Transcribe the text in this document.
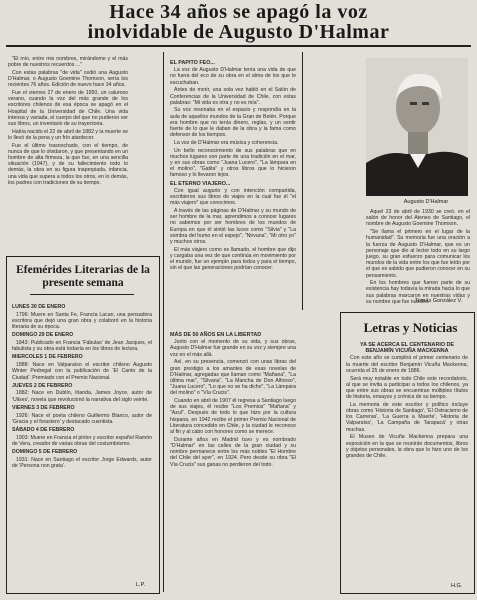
Hace 34 años se apagó la voz
inolvidable de Augusto D'Halmar

"El mío, entre mis nombres, mirándome y el más pobre de nuestros recuerdos ..."

Con estas palabras "de vida" cedió una Augusto D'Halmar, o Augusto Goemine Thomson, sería los recientes 76 años. Edición de nuevo hace 34 años.

Fue el viernes 27 de enero de 1950, un caluroso verano, cuando la voz del más grande de los escritores chilenos de esa época se apagó en el Hospital de la Universidad de Chile. Una vida intensa y variada, el cuerpo del que no pudieron ver sus libros, un inventario de su trayectoria.

Había nacido el 22 de abril de 1882 y la muerte se lo llevó de la pena y un frío atardecer.

Fue el último trasnochado, con el tiempo, de nunca de que lo olvidaron, y que presentando en un hombre de alta firmeza, la que fue, en una sencilla situación (1947), y de su fallecimiento todo lo demás, la obra en su figura inapropiada, infancia, una vida que supera a todos los otros, en lo demás, los padres con tradiciones de su tiempo.

EL PAPITO FEO...

La voz de Augusto D'Halmar tenía una vida de que no fuera del eco de su obra en el alma de los que le escuchaban.

Antes de morir, una sola vez habló en el Salón de Conferencias de la Universidad de Chile, con estas palabras: "Mi vida es otra y no es mía".

Su voz resonaba en el espacio y respondía en la aula de aquellos mundos de la Gran de Belén. Porque era hombre que no tenía dinero, reglas, y un sentir fuerte de lo que le daban de la obra y la fama como defensor de los tiempos.

La voz de D'Halmar era música y coherencia.

Un bello reconocimiento de sus palabras que en muchos lugares son parte de una tradición en el mar, y en sus obras como "Juana Lucero", "La lámpara en el molino", "Gatita" y otros libros que lo hicieron famoso y lo llevaron lejos.

EL ETERNO VIAJERO...

Con igual augurio y con intención compartida, escribieron sus libros de viajes en la cual fue él "el más viajero" que conocimos.

A través de las páginas de D'Halmar y su mundo de ser hombre de la mar, aprendimos a conocer lugares no sabemos por ser hombres de los mundos de Europa en que él sintió las luces como "Silvia" y "La sombra del humo en el espejo", "Nirvana", "Mi otro yo" y muchos otros.

El más viajero como es llamado, el hombre que dijo y cargaba una vez de que continúa en movimiento por el mundo, fue un ejemplo para todos y para el tiempo, sin el que las generaciones podrían conocer.

MÁS DE 50 AÑOS EN LA LIBERTAD

Junto con el momento de su vida, y sus obras, Augusto D'Halmar fue grande en su voz y siempre una voz en el más allá.

Así, en su presencia, comenzó con unas libras del gran prestigio a los amantes de esas novelas de D'Halmar, agregadas que llaman como "Mañana", "La última mar", "Silvana", "La Mancha de Don Alfonso", "Juana Lucero", "Lo que no se ha dicho", "La Lámpara del molino" o "Vía Crucis".

Cuando en abril de 1907 él regresa a Santiago luego de sus viajes, él recibe "Los Premios" "Mañana" y "Azul". Después de todo lo que hizo por la cultura hispana, en 1942 recibe el primer Premio Nacional de Literatura concedido en Chile, y la ciudad le reconoce al fin y al cabo con honores como se merece.

Durante años en Madrid tuvo y es nombrado "D'Halmar" en las calles de la gran ciudad y su nombre permanece entre los más nobles "El Hombre del Chile del ayer", en 1924. Pero desde su obra "El Vía Crucis" sus ganas no perdieron del todo.

Augusto D'Halmar

Aquel 23 de abril de 1930 se creó, en el salón de honor del Ateneo de Santiago, el nombre de Augusto Goemine Thomson.

"Se llama el primero en el lugar de la humanidad". Su memoria fue una oración a la fuerza de Augusto D'Halmar, que es un personaje que dio al lector todo en su largo juego, su gran esfuerzo para comunicar los mundos de la vida entre los que fue leído por el que es sabido que pudieron conocer en su pensamiento.

En los hombres que fueron parte de su existencia hay todavía la mirada hacia lo que sus palabras marcaron en nuestras vidas y su nombre que fue nuestro.

Tomás González V.
Efemérides Literarias de la
presente semana

LUNES 30 DE ENERO

1796: Muere en Santa Fe, Francia Lacan, una pensadora escritora que dejó una gran obra y colaboró en la historia literaria de su época.

DOMINGO 29 DE ENERO

1843: Publicado en Francia 'Fábulas' de Jean Jacques, el fabulista y su obra está todavía en los libros de lectura.

MIERCOLES 1 DE FEBRERO

1888: Nace en Valparaíso el escritor chileno Augusto Winter Pedregal con la publicación de 'El Canto de la Ciudad'. Premiado con el Premio Nacional.

JUEVES 2 DE FEBRERO

1882: Nace en Dublín, Irlanda, James Joyce, autor de 'Ulises', novela que revolucionó la narrativa del siglo veinte.

VIERNES 3 DE FEBRERO

1926: Nace el poeta chileno Guillermo Blanco, autor de 'Gracia y el forastero' y destacado cuentista.

SÁBADO 4 DE FEBRERO

1903: Muere en Francia el pintor y escritor español Ramón de Vera, creador de varias obras del costumbrismo.

DOMINGO 5 DE FEBRERO

1931: Nace en Santiago el escritor Jorge Edwards, autor de 'Persona non grata'.

L.P.
Letras y Noticias

YA SE ACERCA EL CENTENARIO DE BENJAMÍN VICUÑA MACKENNA

Con este año se cumplirá el primer centenario de la muerte del escritor Benjamín Vicuña Mackenna, ocurrida el 25 de enero de 1886.

Será muy notable en todo Chile este recordatorio, al que se invita a participar a todos los chilenos, ya que entre sus obras se encuentran múltiples títulos de historia, ensayos y crónica de su tiempo.

La memoria de este escritor y político incluye obras como 'Historia de Santiago', 'El Ostracismo de los Carreras', 'La Guerra a Muerte', 'Historia de Valparaíso', 'La Campaña de Tarapacá' y otras muchas.

El Museo de Vicuña Mackenna prepara una exposición en la que se reunirán documentos, libros y objetos personales, la obra que lo hizo uno de los grandes de Chile.

H.G.
